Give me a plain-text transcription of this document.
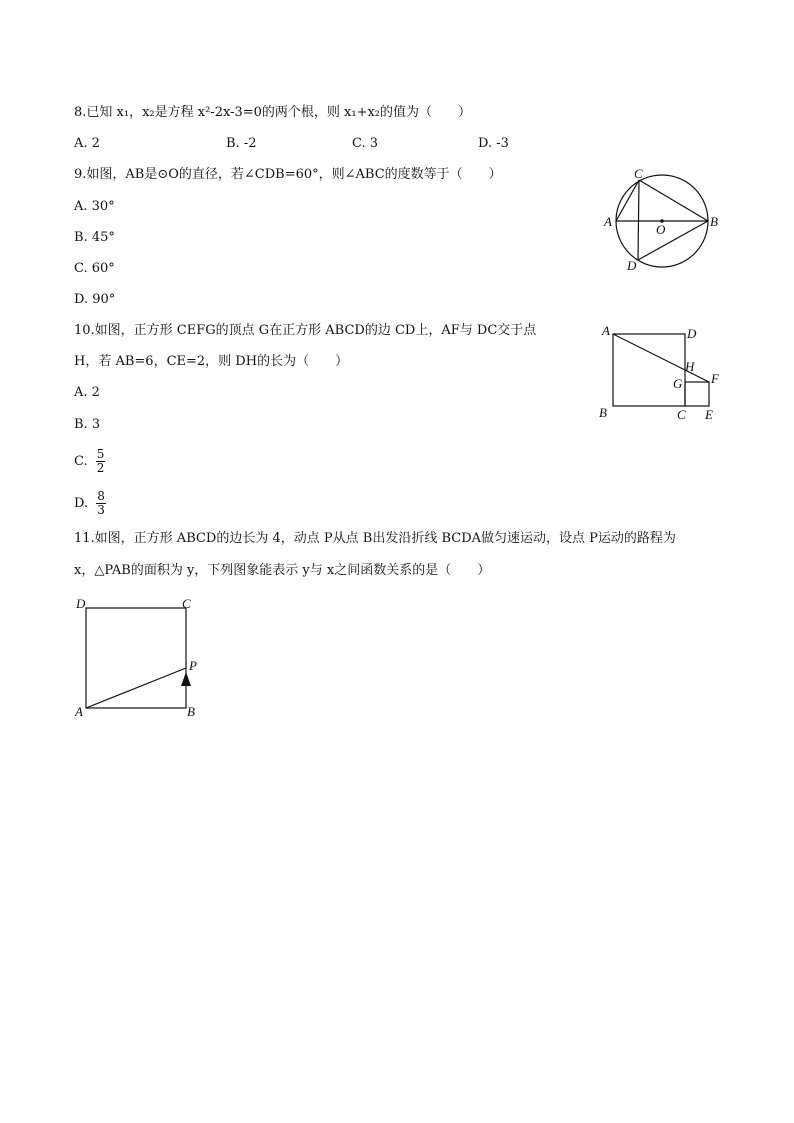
8.已知 x₁，x₂是方程 x²-2x-3=0的两个根，则 x₁+x₂的值为（　　）
A. 2	B. -2	C. 3	D. -3
9.如图，AB是⊙O的直径，若∠CDB=60°，则∠ABC的度数等于（　　）
A. 30°
B. 45°
C. 60°
D. 90°
C
A	B
O
D
10.如图，正方形 CEFG的顶点 G在正方形 ABCD的边 CD上，AF与 DC交于点
H，若 AB=6，CE=2，则 DH的长为（　　）
A. 2
B. 3
C. $\frac{5}{2}$
D. $\frac{8}{3}$
A	D
B	C E
F
G
H
11.如图，正方形 ABCD的边长为 4，动点 P从点 B出发沿折线 BCDA做匀速运动，设点 P运动的路程为
x，△PAB的面积为 y，下列图象能表示 y与 x之间函数关系的是（　　）
D	C
A	B
P
